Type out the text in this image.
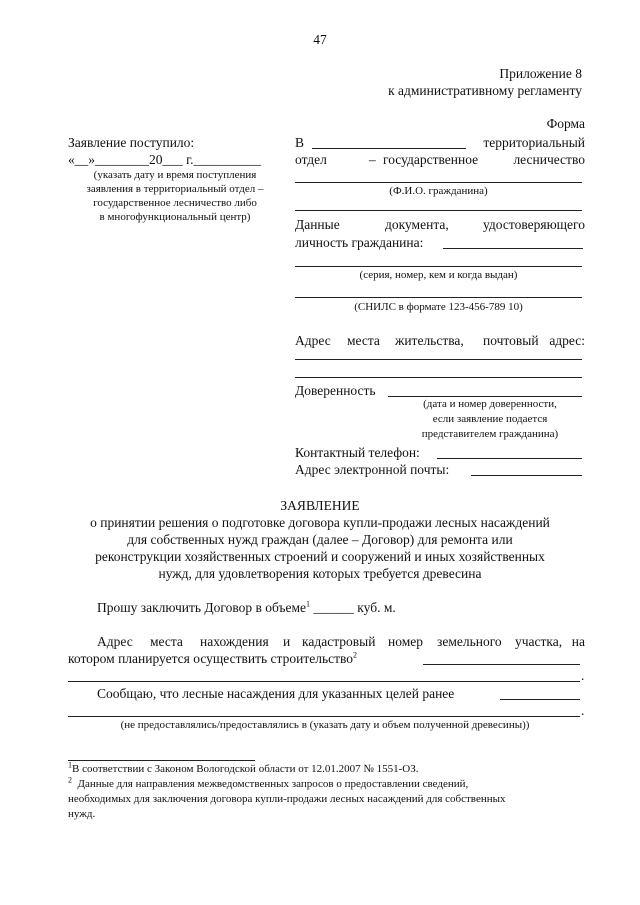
47
Приложение 8
к административному регламенту
Форма
Заявление поступило:
«__»________20___ г.__________
(указать дату и время поступления
заявления в территориальный отдел –
государственное лесничество либо
в многофункциональный центр)
В	территориальный
отдел	– государственное	лесничество
(Ф.И.О. гражданина)
Данные	документа,	удостоверяющего
личность гражданина:
(серия, номер, кем и когда выдан)
(СНИЛС в формате 123-456-789 10)
Адрес места жительства, почтовый адрес:
Доверенность
(дата и номер доверенности,
если заявление подается
представителем гражданина)
Контактный телефон:
Адрес электронной почты:
ЗАЯВЛЕНИЕ
о принятии решения о подготовке договора купли-продажи лесных насаждений
для собственных нужд граждан (далее – Договор) для ремонта или
реконструкции хозяйственных строений и сооружений и иных хозяйственных
нужд, для удовлетворения которых требуется древесина
Прошу заключить Договор в объеме$^1$ ______ куб. м.
Адрес места нахождения и кадастровый номер земельного участка, на
котором планируется осуществить строительство$^2$
.
Сообщаю, что лесные насаждения для указанных целей ранее
.
(не предоставлялись/предоставлялись в (указать дату и объем полученной древесины))
$^1$В соответствии с Законом Вологодской области от 12.01.2007 № 1551-ОЗ.
$^2$ Данные для направления межведомственных запросов о предоставлении сведений,
необходимых для заключения договора купли-продажи лесных насаждений для собственных
нужд.
